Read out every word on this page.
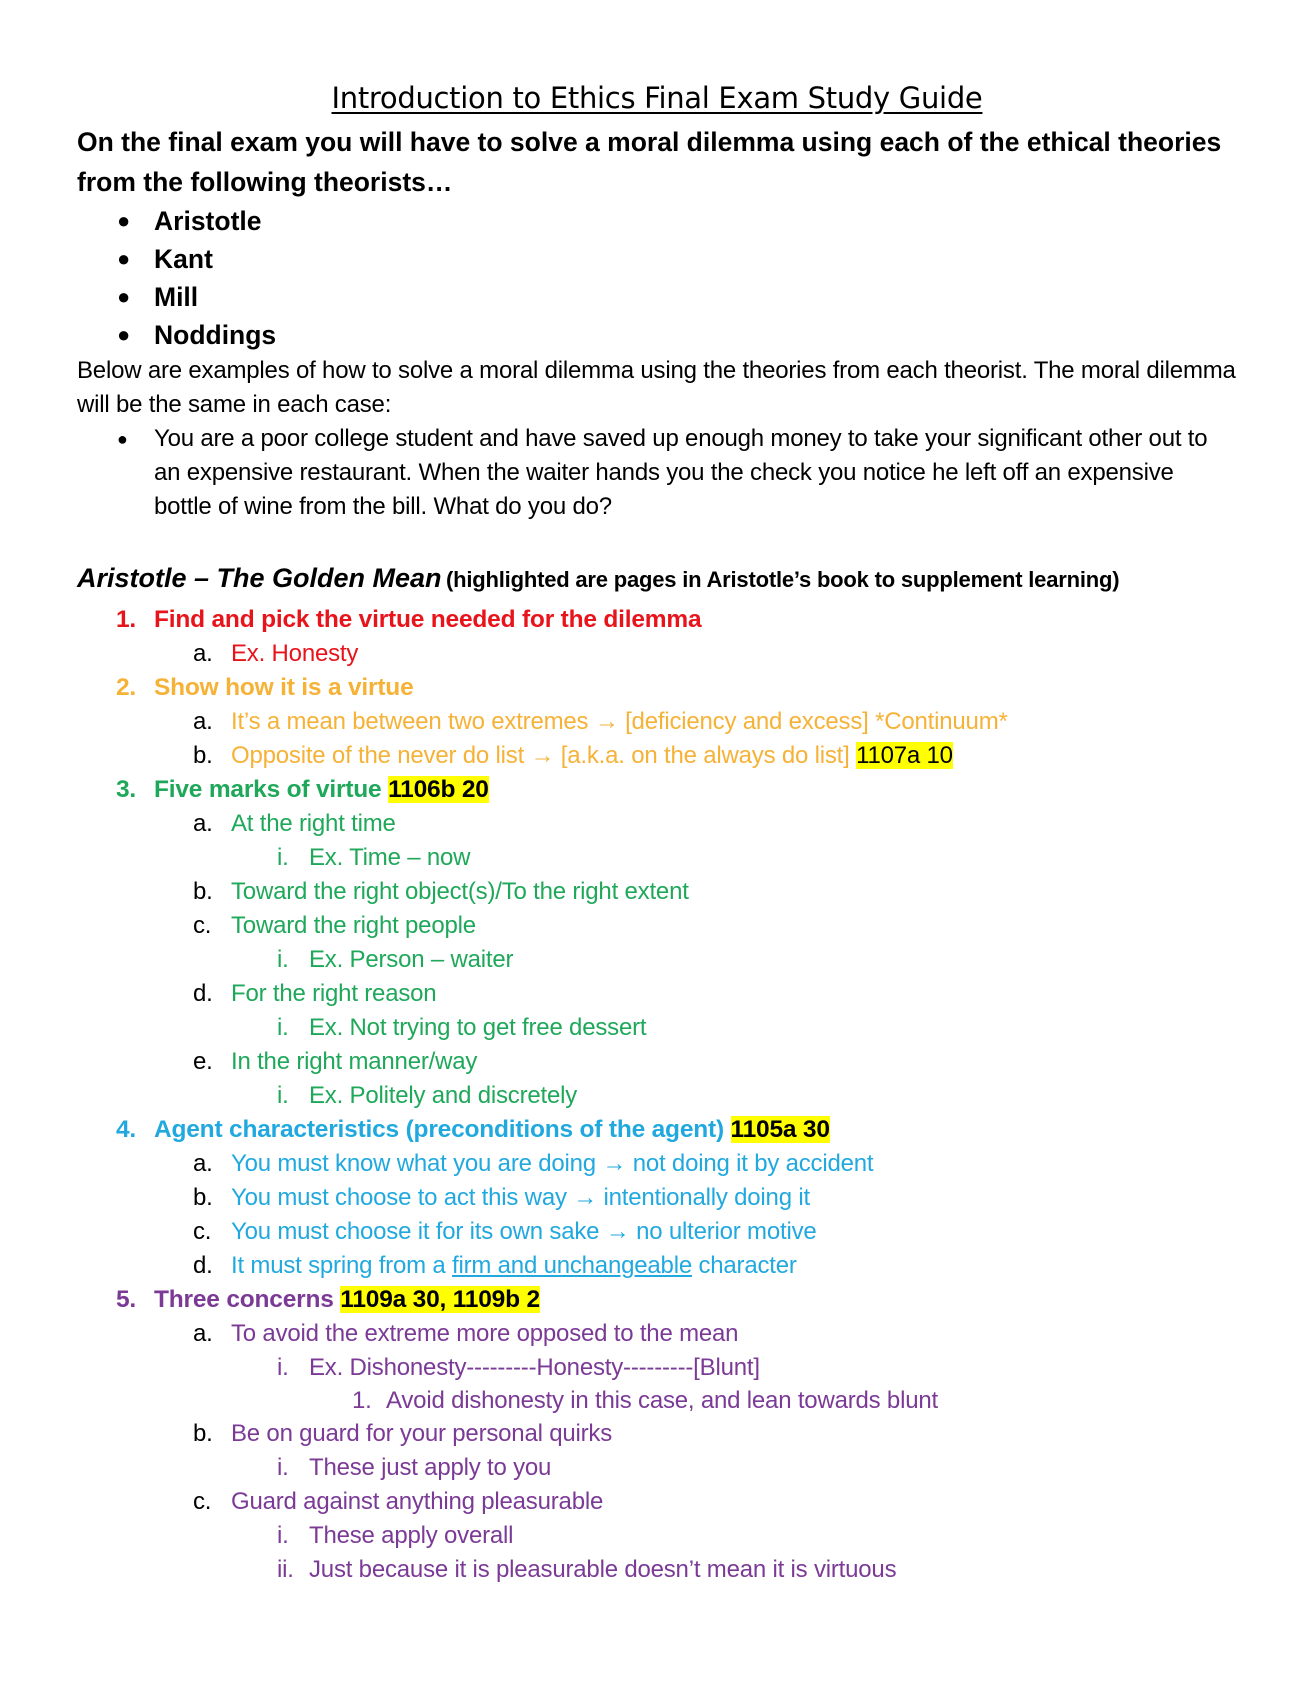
Introduction to Ethics Final Exam Study Guide

On the final exam you will have to solve a moral dilemma using each of the ethical theories from the following theorists…

● Aristotle
● Kant
● Mill
● Noddings

Below are examples of how to solve a moral dilemma using the theories from each theorist. The moral dilemma will be the same in each case:

● You are a poor college student and have saved up enough money to take your significant other out to an expensive restaurant. When the waiter hands you the check you notice he left off an expensive bottle of wine from the bill. What do you do?
Aristotle – The Golden Mean (highlighted are pages in Aristotle’s book to supplement learning)
1. Find and pick the virtue needed for the dilemma
a. Ex. Honesty
2. Show how it is a virtue
a. It’s a mean between two extremes → [deficiency and excess] *Continuum*
b. Opposite of the never do list → [a.k.a. on the always do list] 1107a 10
3. Five marks of virtue 1106b 20
a. At the right time
i. Ex. Time – now
b. Toward the right object(s)/To the right extent
c. Toward the right people
i. Ex. Person – waiter
d. For the right reason
i. Ex. Not trying to get free dessert
e. In the right manner/way
i. Ex. Politely and discretely
4. Agent characteristics (preconditions of the agent) 1105a 30
a. You must know what you are doing → not doing it by accident
b. You must choose to act this way → intentionally doing it
c. You must choose it for its own sake → no ulterior motive
d. It must spring from a firm and unchangeable character
5. Three concerns 1109a 30, 1109b 2
a. To avoid the extreme more opposed to the mean
i. Ex. Dishonesty---------Honesty---------[Blunt]
1. Avoid dishonesty in this case, and lean towards blunt
b. Be on guard for your personal quirks
i. These just apply to you
c. Guard against anything pleasurable
i. These apply overall
ii. Just because it is pleasurable doesn’t mean it is virtuous
